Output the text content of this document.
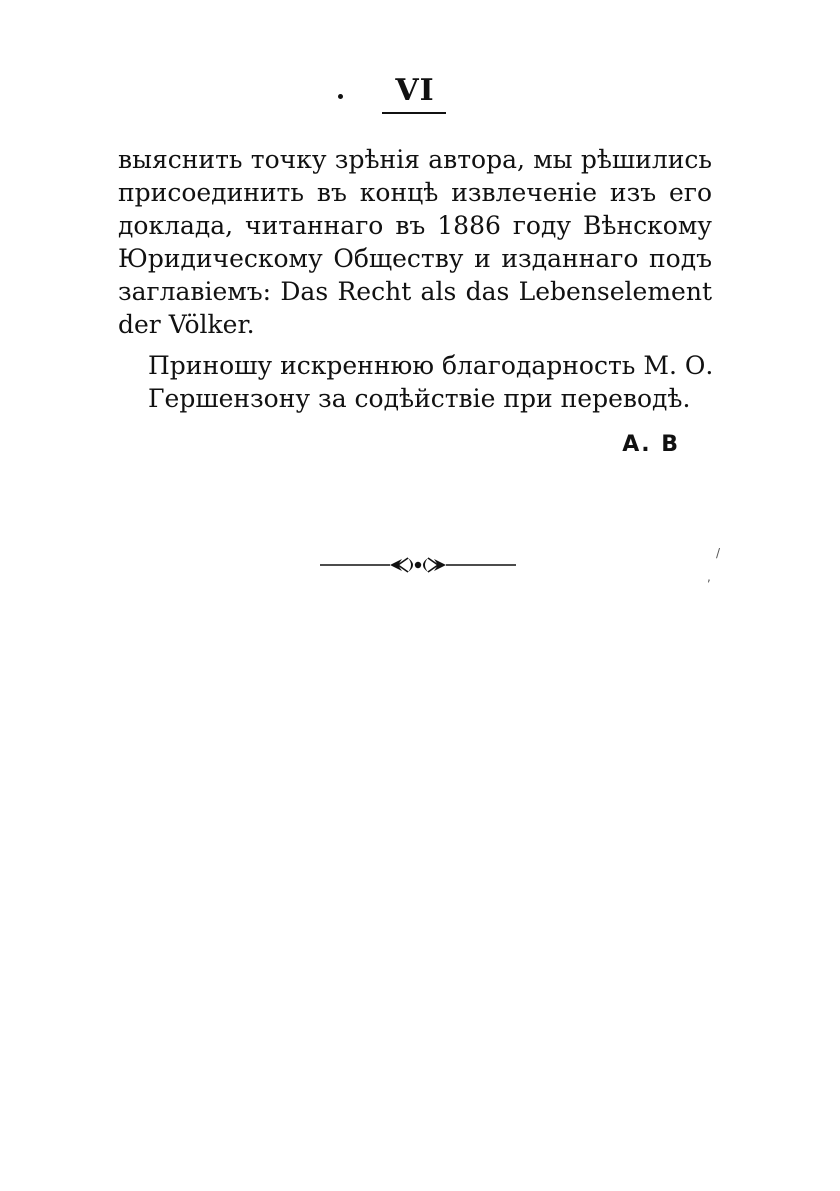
VI

выяснить точку зрѣнія автора, мы рѣшились
присоединить въ концѣ извлеченіе изъ его
доклада, читаннаго въ 1886 году Вѣнскому
Юридическому Обществу и изданнаго подъ
заглавіемъ: Das Recht als das Lebenselement
der Völker.

Приношу искреннюю благодарность М. О.
Гершензону за содѣйствіе при переводѣ.

А. В
/
,
